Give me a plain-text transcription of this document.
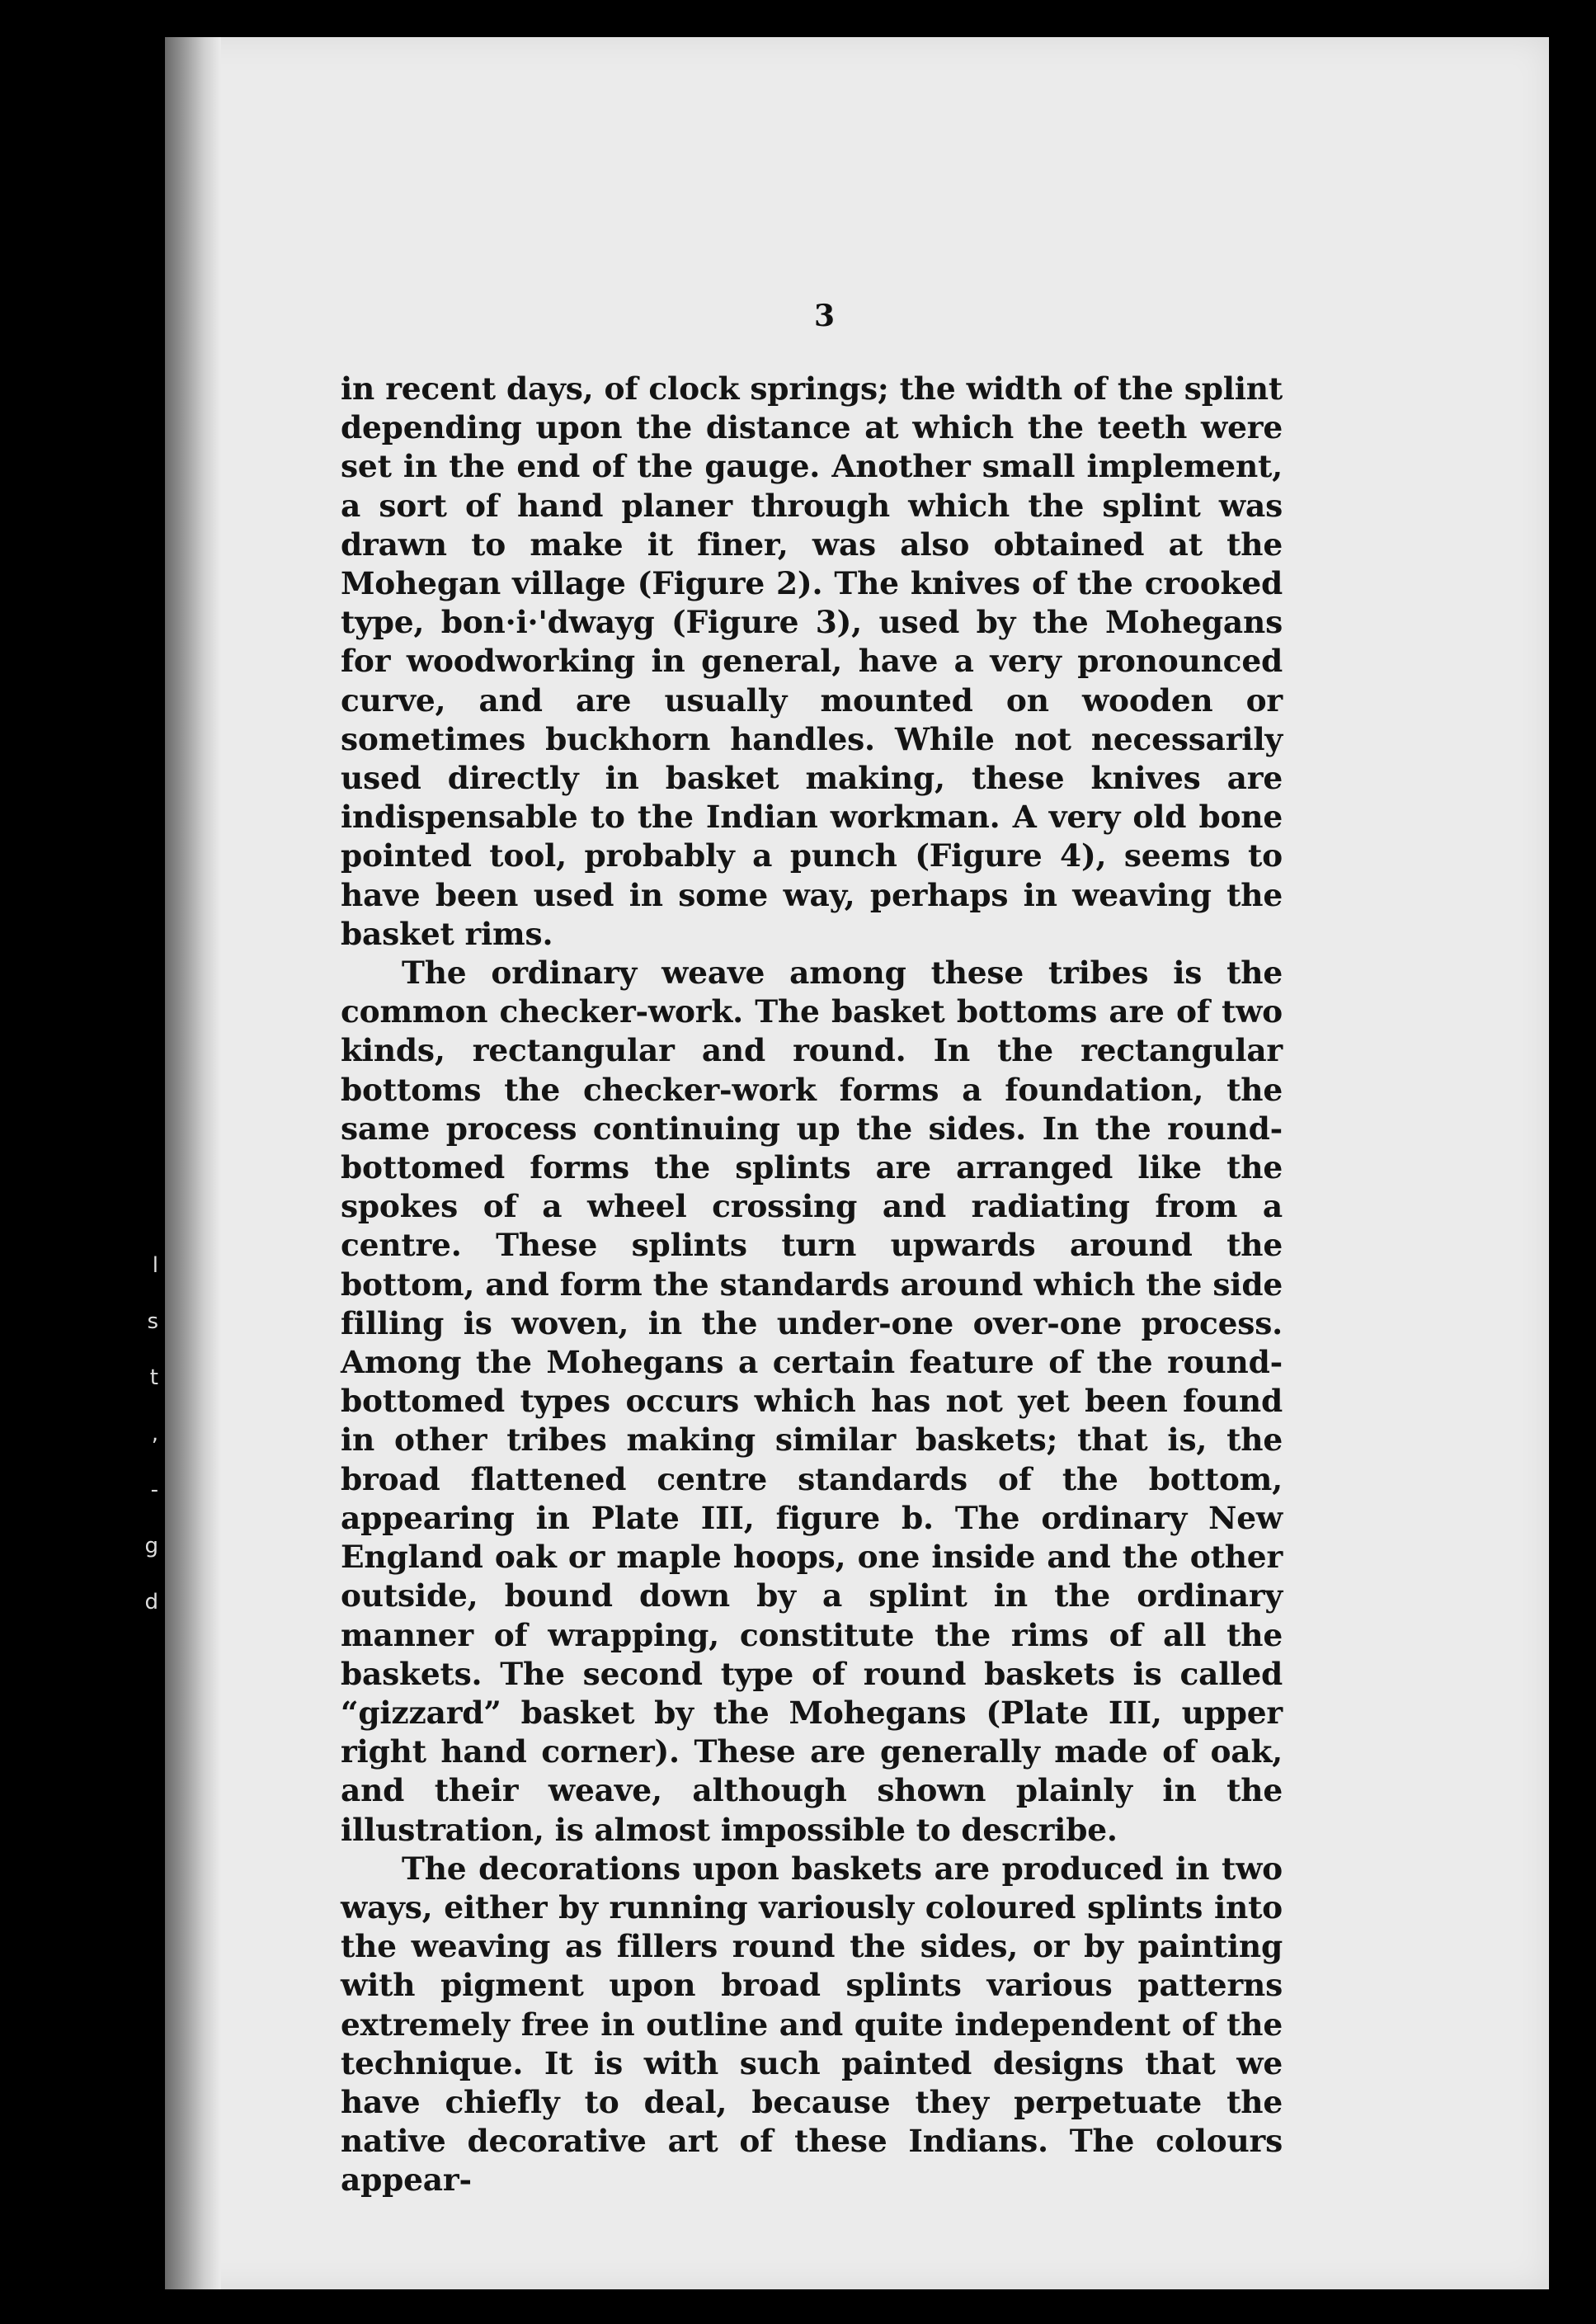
l
s
t
,
-
g
d
3

in recent days, of clock springs; the width of the splint depending upon the distance at which the teeth were set in the end of the gauge. Another small implement, a sort of hand planer through which the splint was drawn to make it finer, was also obtained at the Mohegan village (Figure 2). The knives of the crooked type, bon·i·'dwayg (Figure 3), used by the Mohegans for woodworking in general, have a very pronounced curve, and are usually mounted on wooden or sometimes buckhorn handles. While not necessarily used directly in basket making, these knives are indispensable to the Indian workman. A very old bone pointed tool, probably a punch (Figure 4), seems to have been used in some way, perhaps in weaving the basket rims.

The ordinary weave among these tribes is the common checker-work. The basket bottoms are of two kinds, rectangular and round. In the rectangular bottoms the checker-work forms a foundation, the same process continuing up the sides. In the round-bottomed forms the splints are arranged like the spokes of a wheel crossing and radiating from a centre. These splints turn upwards around the bottom, and form the standards around which the side filling is woven, in the under-one over-one process. Among the Mohegans a certain feature of the round-bottomed types occurs which has not yet been found in other tribes making similar baskets; that is, the broad flattened centre standards of the bottom, appearing in Plate III, figure b. The ordinary New England oak or maple hoops, one inside and the other outside, bound down by a splint in the ordinary manner of wrapping, constitute the rims of all the baskets. The second type of round baskets is called “gizzard” basket by the Mohegans (Plate III, upper right hand corner). These are generally made of oak, and their weave, although shown plainly in the illustration, is almost impossible to describe.

The decorations upon baskets are produced in two ways, either by running variously coloured splints into the weaving as fillers round the sides, or by painting with pigment upon broad splints various patterns extremely free in outline and quite independent of the technique. It is with such painted designs that we have chiefly to deal, because they perpetuate the native decorative art of these Indians. The colours appear-
